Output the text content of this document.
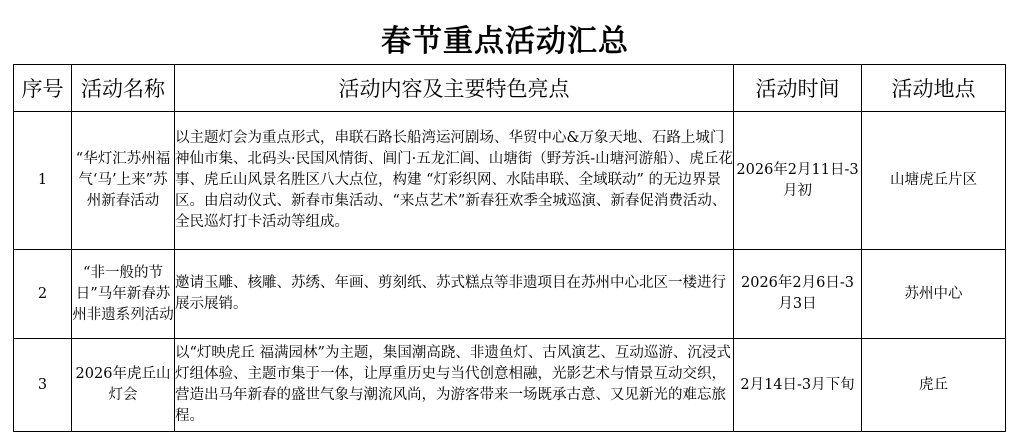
春节重点活动汇总
序号	活动名称	活动内容及主要特色亮点	活动时间	活动地点
1	“华灯汇苏州福气‘马’上来”苏州新春活动	以主题灯会为重点形式，串联石路长船湾运河剧场、华贸中心&万象天地、石路上城门神仙市集、北码头·民国风情街、阊门·五龙汇阊、山塘街（野芳浜-山塘河游船）、虎丘花事、虎丘山风景名胜区八大点位，构建 “灯彩织网、水陆串联、全域联动” 的无边界景区。由启动仪式、新春市集活动、“来点艺术”新春狂欢季全城巡演、新春促消费活动、全民巡灯打卡活动等组成。	2026年2月11日-3月初	山塘虎丘片区
2	“非一般的节日”马年新春苏州非遗系列活动	邀请玉雕、核雕、苏绣、年画、剪刻纸、苏式糕点等非遗项目在苏州中心北区一楼进行展示展销。	2026年2月6日-3月3日	苏州中心
3	2026年虎丘山灯会	以“灯映虎丘 福满园林”为主题，集国潮高跷、非遗鱼灯、古风演艺、互动巡游、沉浸式灯组体验、主题市集于一体，让厚重历史与当代创意相融，光影艺术与情景互动交织，营造出马年新春的盛世气象与潮流风尚，为游客带来一场既承古意、又见新光的难忘旅程。	2月14日-3月下旬	虎丘
